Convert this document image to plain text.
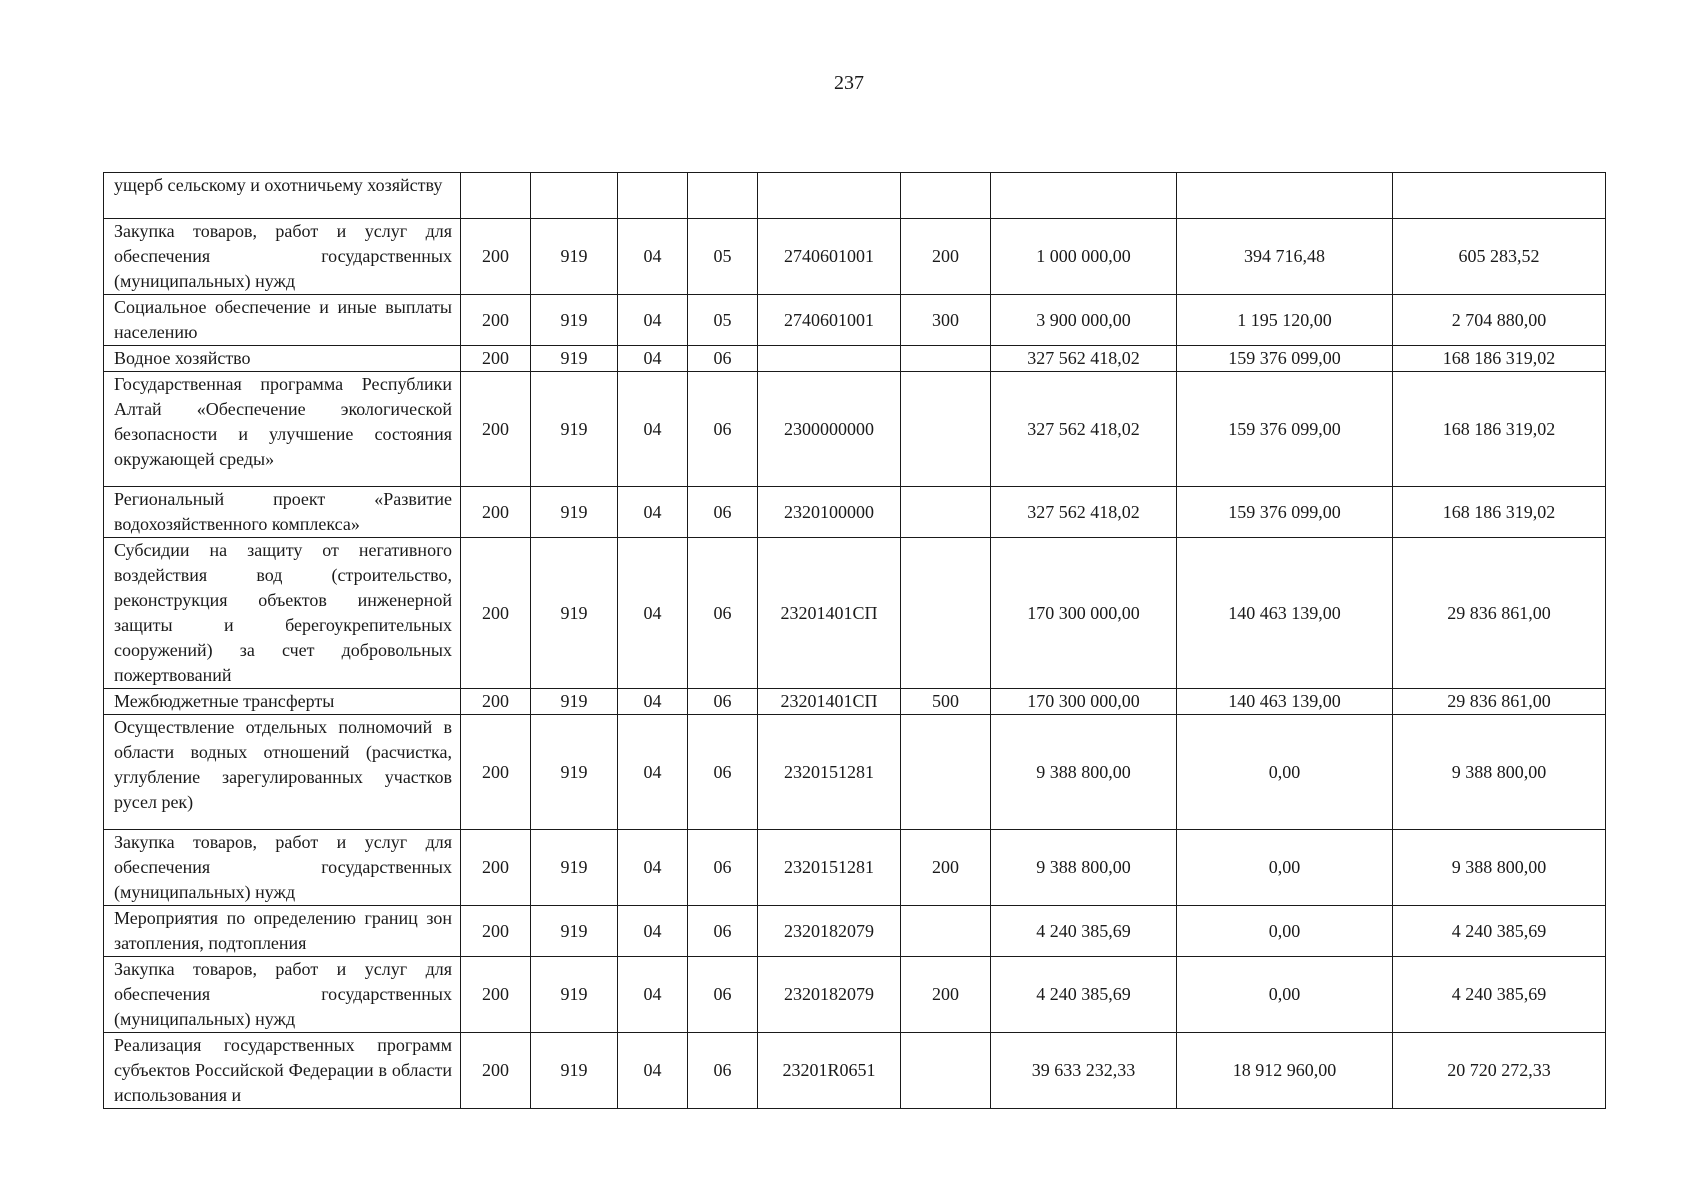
237
ущерб сельскому и охотничьему хозяйству									
Закупка товаров, работ и услуг для обеспечения государственных (муниципальных) нужд	200	919	04	05	2740601001	200	1 000 000,00	394 716,48	605 283,52
Социальное обеспечение и иные выплаты населению	200	919	04	05	2740601001	300	3 900 000,00	1 195 120,00	2 704 880,00
Водное хозяйство	200	919	04	06			327 562 418,02	159 376 099,00	168 186 319,02
Государственная программа Республики Алтай «Обеспечение экологической безопасности и улучшение состояния окружающей среды»	200	919	04	06	2300000000		327 562 418,02	159 376 099,00	168 186 319,02
Региональный проект «Развитие водохозяйственного комплекса»	200	919	04	06	2320100000		327 562 418,02	159 376 099,00	168 186 319,02
Субсидии на защиту от негативного воздействия вод (строительство, реконструкция объектов инженерной защиты и берегоукрепительных сооружений) за счет добровольных пожертвований	200	919	04	06	23201401СП		170 300 000,00	140 463 139,00	29 836 861,00
Межбюджетные трансферты	200	919	04	06	23201401СП	500	170 300 000,00	140 463 139,00	29 836 861,00
Осуществление отдельных полномочий в области водных отношений (расчистка, углубление зарегулированных участков русел рек)	200	919	04	06	2320151281		9 388 800,00	0,00	9 388 800,00
Закупка товаров, работ и услуг для обеспечения государственных (муниципальных) нужд	200	919	04	06	2320151281	200	9 388 800,00	0,00	9 388 800,00
Мероприятия по определению границ зон затопления, подтопления	200	919	04	06	2320182079		4 240 385,69	0,00	4 240 385,69
Закупка товаров, работ и услуг для обеспечения государственных (муниципальных) нужд	200	919	04	06	2320182079	200	4 240 385,69	0,00	4 240 385,69
Реализация государственных программ субъектов Российской Федерации в области использования и	200	919	04	06	23201R0651		39 633 232,33	18 912 960,00	20 720 272,33
